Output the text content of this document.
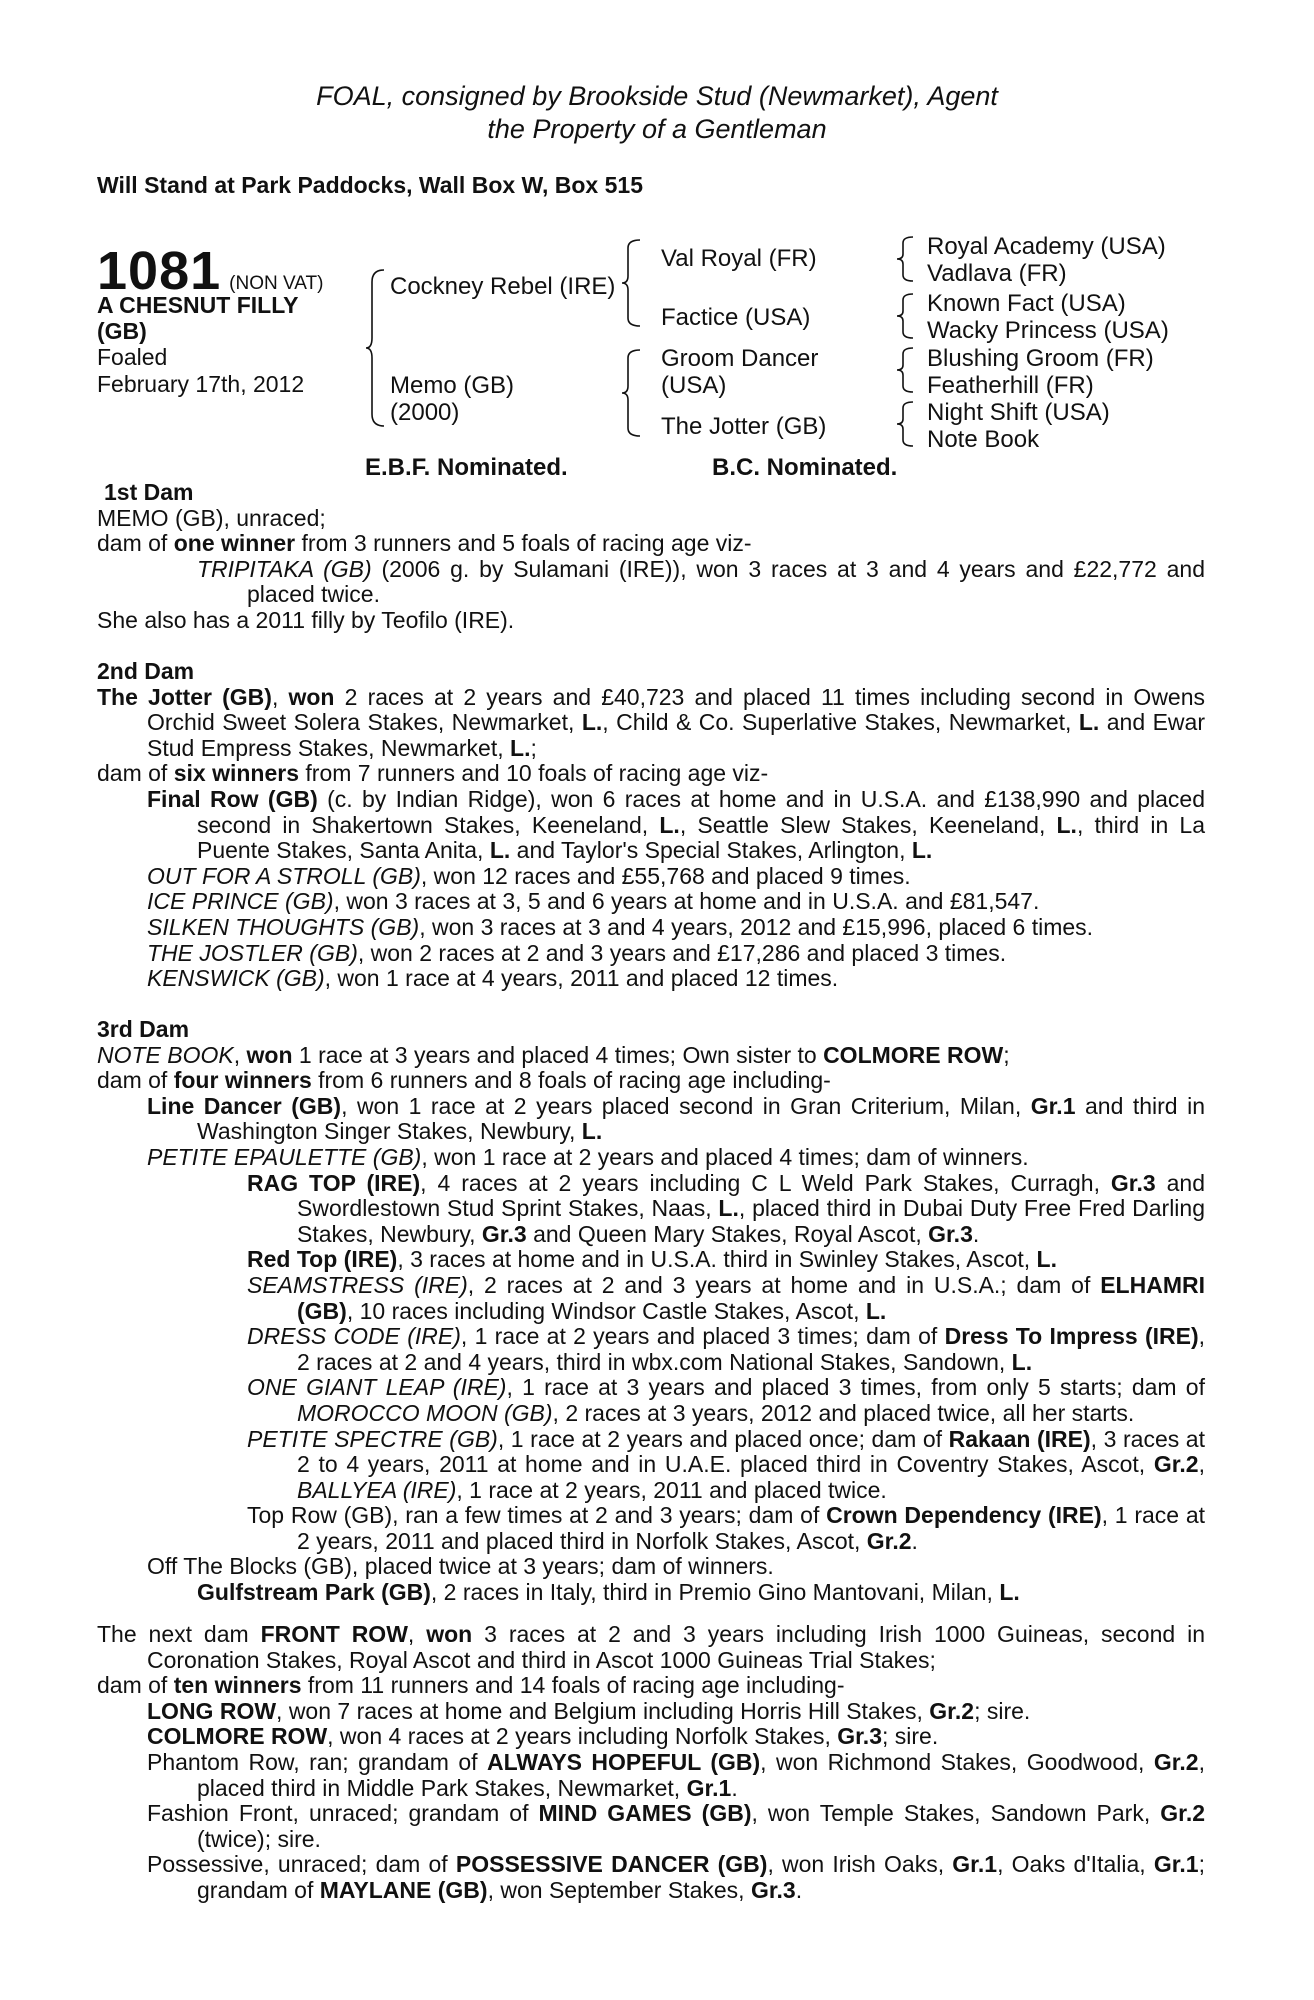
FOAL, consigned by Brookside Stud (Newmarket), Agent
the Property of a Gentleman
Will Stand at Park Paddocks, Wall Box W, Box 515
1081 (NON VAT)
A CHESNUT FILLY
(GB)
Foaled
February 17th, 2012
Cockney Rebel (IRE)
Memo (GB)
(2000)
Val Royal (FR)
Factice (USA)
Groom Dancer
(USA)
The Jotter (GB)
Royal Academy (USA)
Vadlava (FR)
Known Fact (USA)
Wacky Princess (USA)
Blushing Groom (FR)
Featherhill (FR)
Night Shift (USA)
Note Book
E.B.F. Nominated.	B.C. Nominated.

1st Dam

MEMO (GB), unraced;

dam of one winner from 3 runners and 5 foals of racing age viz-

TRIPITAKA (GB) (2006 g. by Sulamani (IRE)), won 3 races at 3 and 4 years and £22,772 and placed twice.

She also has a 2011 filly by Teofilo (IRE).

2nd Dam

The Jotter (GB), won 2 races at 2 years and £40,723 and placed 11 times including second in Owens Orchid Sweet Solera Stakes, Newmarket, L., Child & Co. Superlative Stakes, Newmarket, L. and Ewar Stud Empress Stakes, Newmarket, L.;

dam of six winners from 7 runners and 10 foals of racing age viz-

Final Row (GB) (c. by Indian Ridge), won 6 races at home and in U.S.A. and £138,990 and placed second in Shakertown Stakes, Keeneland, L., Seattle Slew Stakes, Keeneland, L., third in La Puente Stakes, Santa Anita, L. and Taylor's Special Stakes, Arlington, L.

OUT FOR A STROLL (GB), won 12 races and £55,768 and placed 9 times.

ICE PRINCE (GB), won 3 races at 3, 5 and 6 years at home and in U.S.A. and £81,547.

SILKEN THOUGHTS (GB), won 3 races at 3 and 4 years, 2012 and £15,996, placed 6 times.

THE JOSTLER (GB), won 2 races at 2 and 3 years and £17,286 and placed 3 times.

KENSWICK (GB), won 1 race at 4 years, 2011 and placed 12 times.

3rd Dam

NOTE BOOK, won 1 race at 3 years and placed 4 times; Own sister to COLMORE ROW;

dam of four winners from 6 runners and 8 foals of racing age including-

Line Dancer (GB), won 1 race at 2 years placed second in Gran Criterium, Milan, Gr.1 and third in Washington Singer Stakes, Newbury, L.

PETITE EPAULETTE (GB), won 1 race at 2 years and placed 4 times; dam of winners.

RAG TOP (IRE), 4 races at 2 years including C L Weld Park Stakes, Curragh, Gr.3 and Swordlestown Stud Sprint Stakes, Naas, L., placed third in Dubai Duty Free Fred Darling Stakes, Newbury, Gr.3 and Queen Mary Stakes, Royal Ascot, Gr.3.

Red Top (IRE), 3 races at home and in U.S.A. third in Swinley Stakes, Ascot, L.

SEAMSTRESS (IRE), 2 races at 2 and 3 years at home and in U.S.A.; dam of ELHAMRI (GB), 10 races including Windsor Castle Stakes, Ascot, L.

DRESS CODE (IRE), 1 race at 2 years and placed 3 times; dam of Dress To Impress (IRE), 2 races at 2 and 4 years, third in wbx.com National Stakes, Sandown, L.

ONE GIANT LEAP (IRE), 1 race at 3 years and placed 3 times, from only 5 starts; dam of MOROCCO MOON (GB), 2 races at 3 years, 2012 and placed twice, all her starts.

PETITE SPECTRE (GB), 1 race at 2 years and placed once; dam of Rakaan (IRE), 3 races at 2 to 4 years, 2011 at home and in U.A.E. placed third in Coventry Stakes, Ascot, Gr.2, BALLYEA (IRE), 1 race at 2 years, 2011 and placed twice.

Top Row (GB), ran a few times at 2 and 3 years; dam of Crown Dependency (IRE), 1 race at 2 years, 2011 and placed third in Norfolk Stakes, Ascot, Gr.2.

Off The Blocks (GB), placed twice at 3 years; dam of winners.

Gulfstream Park (GB), 2 races in Italy, third in Premio Gino Mantovani, Milan, L.

The next dam FRONT ROW, won 3 races at 2 and 3 years including Irish 1000 Guineas, second in Coronation Stakes, Royal Ascot and third in Ascot 1000 Guineas Trial Stakes;

dam of ten winners from 11 runners and 14 foals of racing age including-

LONG ROW, won 7 races at home and Belgium including Horris Hill Stakes, Gr.2; sire.

COLMORE ROW, won 4 races at 2 years including Norfolk Stakes, Gr.3; sire.

Phantom Row, ran; grandam of ALWAYS HOPEFUL (GB), won Richmond Stakes, Goodwood, Gr.2, placed third in Middle Park Stakes, Newmarket, Gr.1.

Fashion Front, unraced; grandam of MIND GAMES (GB), won Temple Stakes, Sandown Park, Gr.2 (twice); sire.

Possessive, unraced; dam of POSSESSIVE DANCER (GB), won Irish Oaks, Gr.1, Oaks d'Italia, Gr.1; grandam of MAYLANE (GB), won September Stakes, Gr.3.
